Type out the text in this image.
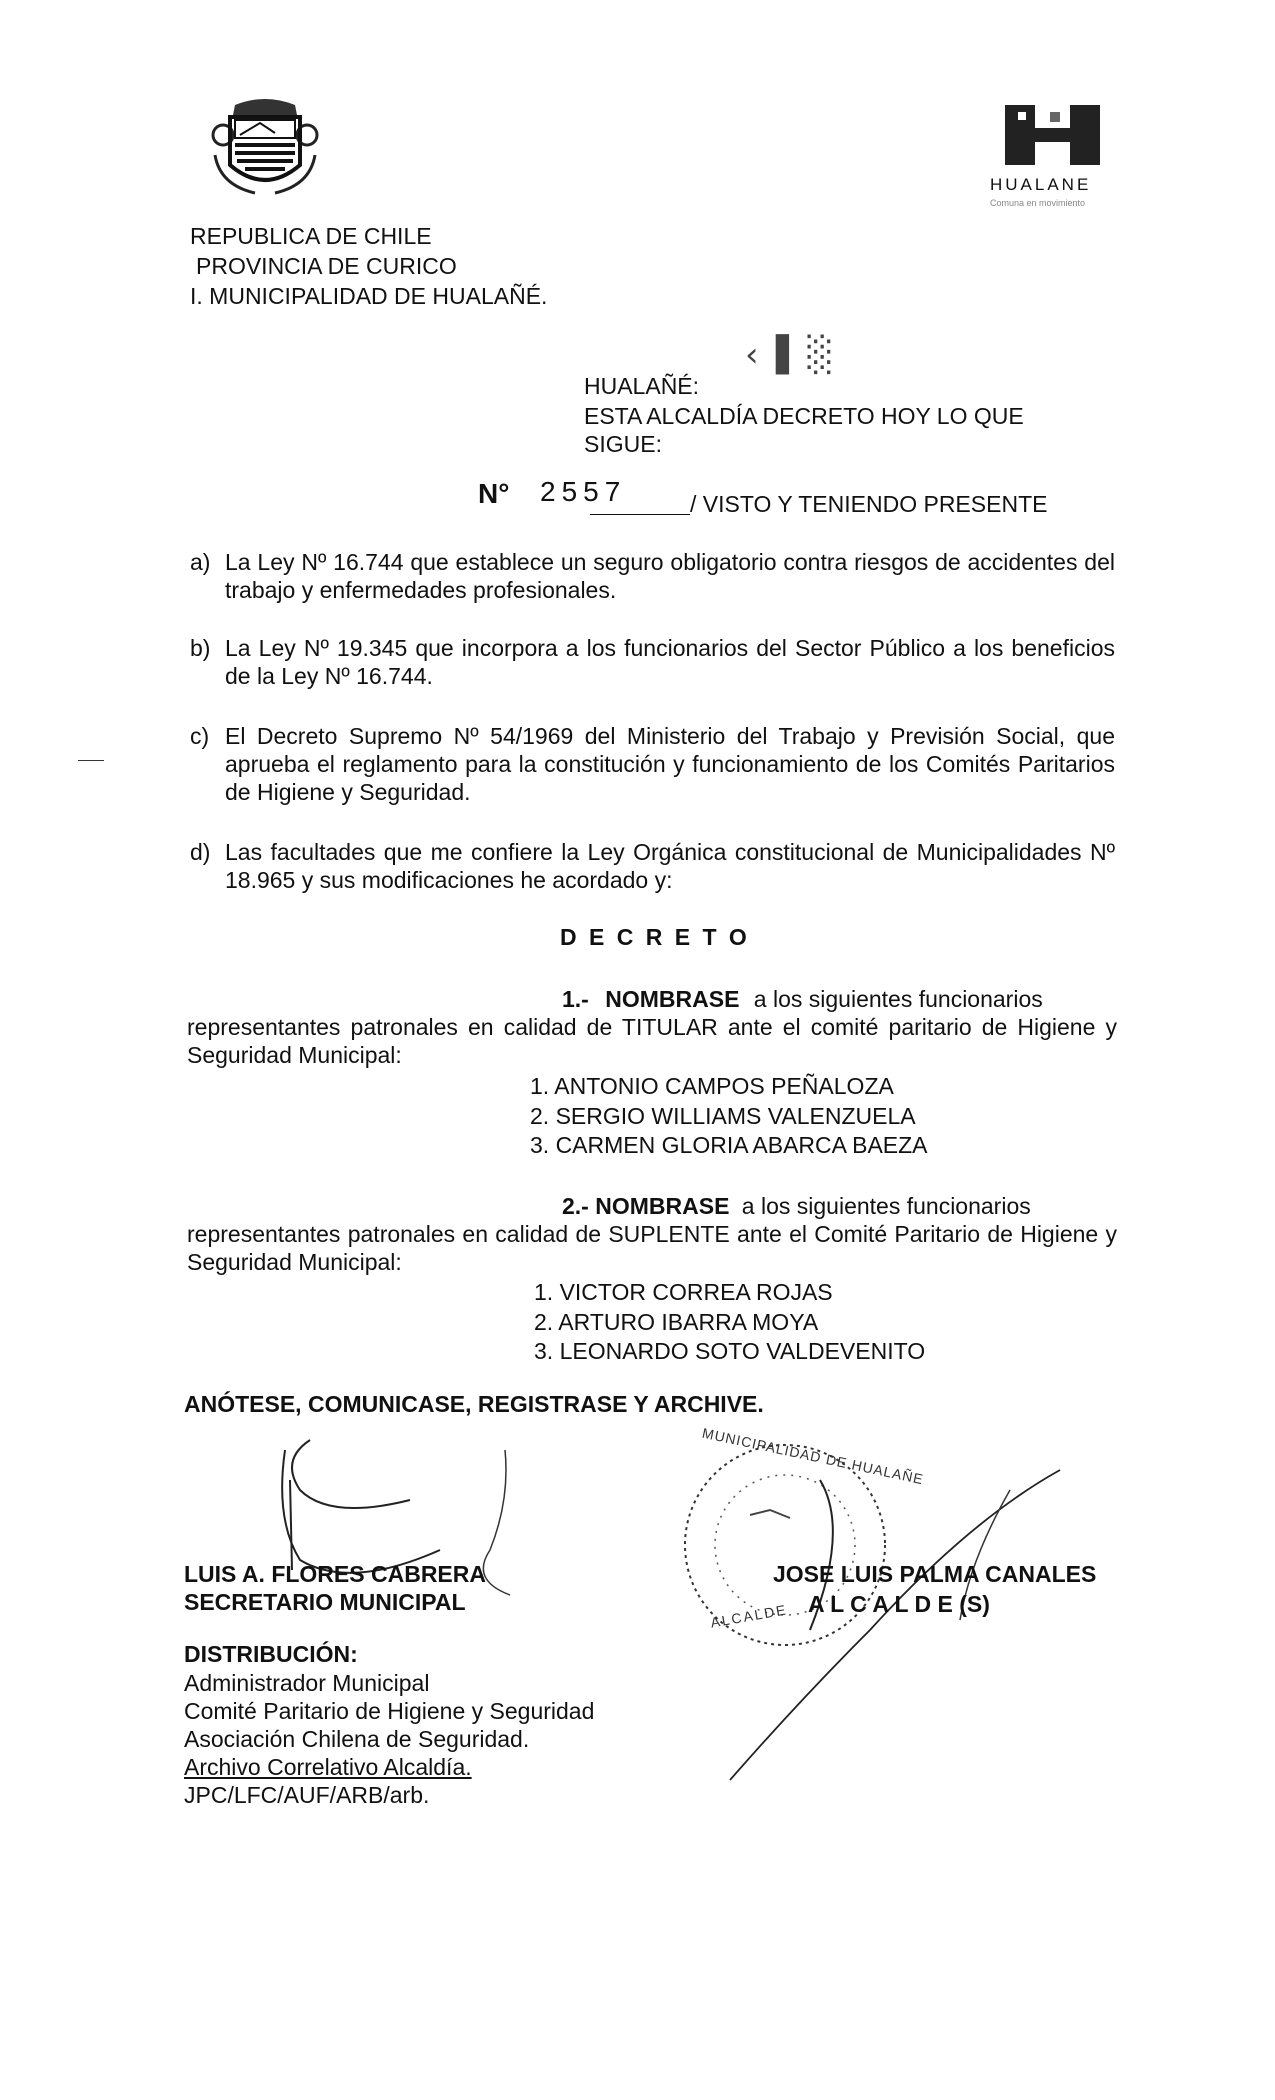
HUALANE
Comuna en movimiento
REPUBLICA DE CHILE
PROVINCIA DE CURICO
I. MUNICIPALIDAD DE HUALAÑÉ.
‹▐ ░
HUALAÑÉ:
ESTA ALCALDÍA DECRETO HOY LO QUE
SIGUE:
N° 2557	/ VISTO Y TENIENDO PRESENTE
a) La Ley Nº 16.744 que establece un seguro obligatorio contra riesgos de accidentes del trabajo y enfermedades profesionales.
b) La Ley Nº 19.345 que incorpora a los funcionarios del Sector Público a los beneficios de la Ley Nº 16.744.
c) El Decreto Supremo Nº 54/1969 del Ministerio del Trabajo y Previsión Social, que aprueba el reglamento para la constitución y funcionamiento de los Comités Paritarios de Higiene y Seguridad.
d) Las facultades que me confiere la Ley Orgánica constitucional de Municipalidades Nº 18.965 y sus modificaciones he acordado y:
D E C R E T O
1.- NOMBRASE a los siguientes funcionarios
representantes patronales en calidad de TITULAR ante el comité paritario de Higiene y Seguridad Municipal:
1. ANTONIO CAMPOS PEÑALOZA
2. SERGIO WILLIAMS VALENZUELA
3. CARMEN GLORIA ABARCA BAEZA
2.- NOMBRASE a los siguientes funcionarios
representantes patronales en calidad de SUPLENTE ante el Comité Paritario de Higiene y Seguridad Municipal:
1. VICTOR CORREA ROJAS
2. ARTURO IBARRA MOYA
3. LEONARDO SOTO VALDEVENITO
ANÓTESE, COMUNICASE, REGISTRASE Y ARCHIVE.
MUNICIPALIDAD DE HUALAÑE
ALCALDE
LUIS A. FLORES CABRERA
SECRETARIO MUNICIPAL
JOSE LUIS PALMA CANALES
A L C A L D E (S)
DISTRIBUCIÓN:
Administrador Municipal
Comité Paritario de Higiene y Seguridad
Asociación Chilena de Seguridad.
Archivo Correlativo Alcaldía.
JPC/LFC/AUF/ARB/arb.
